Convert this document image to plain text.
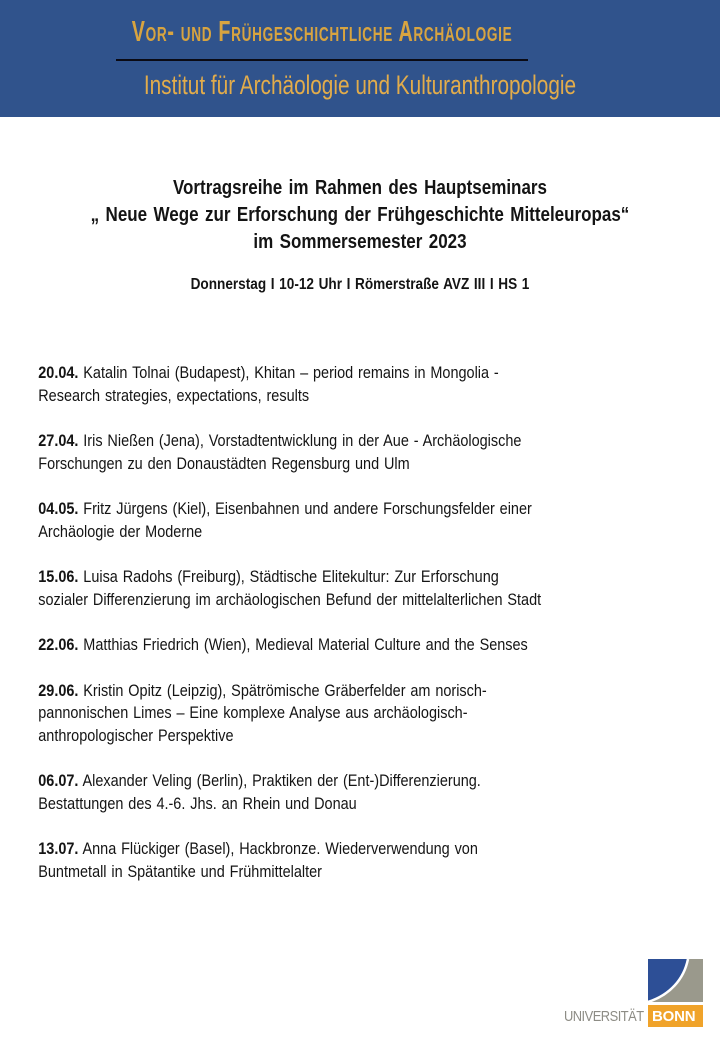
Vor- und Frühgeschichtliche Archäologie
Institut für Archäologie und Kulturanthropologie
Vortragsreihe im Rahmen des Hauptseminars
„ Neue Wege zur Erforschung der Frühgeschichte Mitteleuropas“
im Sommersemester 2023
Donnerstag I 10-12 Uhr I Römerstraße AVZ III I HS 1

20.04. Katalin Tolnai (Budapest), Khitan – period remains in Mongolia -
Research strategies, expectations, results

27.04. Iris Nießen (Jena), Vorstadtentwicklung in der Aue - Archäologische
Forschungen zu den Donaustädten Regensburg und Ulm

04.05. Fritz Jürgens (Kiel), Eisenbahnen und andere Forschungsfelder einer
Archäologie der Moderne

15.06. Luisa Radohs (Freiburg), Städtische Elitekultur: Zur Erforschung
sozialer Differenzierung im archäologischen Befund der mittelalterlichen Stadt

22.06. Matthias Friedrich (Wien), Medieval Material Culture and the Senses

29.06. Kristin Opitz (Leipzig), Spätrömische Gräberfelder am norisch-
pannonischen Limes – Eine komplexe Analyse aus archäologisch-
anthropologischer Perspektive

06.07. Alexander Veling (Berlin), Praktiken der (Ent-)Differenzierung.
Bestattungen des 4.-6. Jhs. an Rhein und Donau

13.07. Anna Flückiger (Basel), Hackbronze. Wiederverwendung von
Buntmetall in Spätantike und Frühmittelalter

UNIVERSITÄT BONN
